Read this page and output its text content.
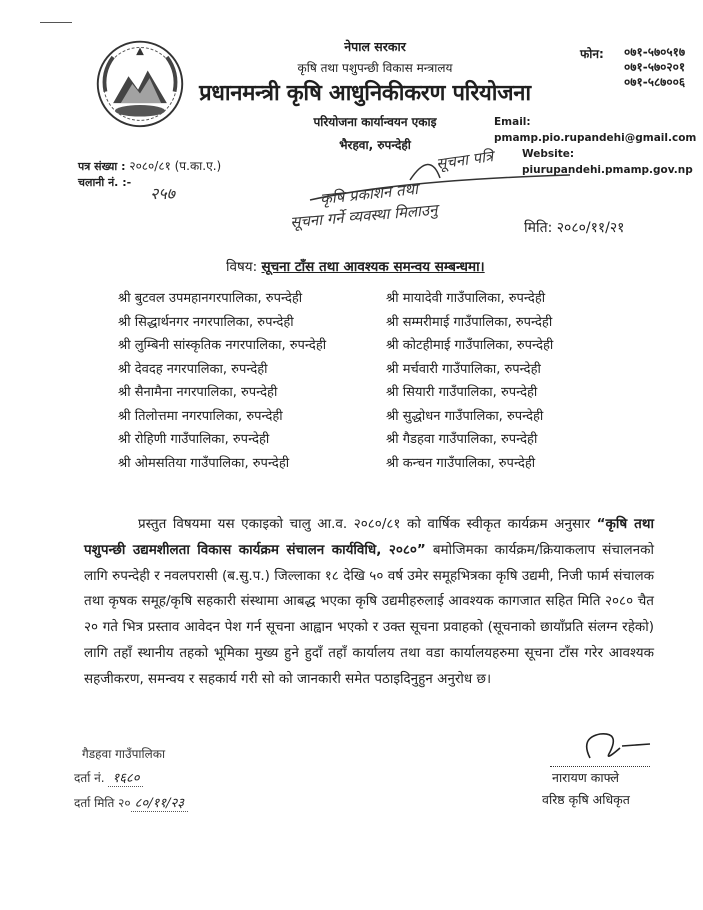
नेपाल सरकार
कृषि तथा पशुपन्छी विकास मन्त्रालय
प्रधानमन्त्री कृषि आधुनिकीकरण परियोजना
परियोजना कार्यान्वयन एकाइ
भैरहवा, रुपन्देही
फोन: ०७१-५७०५१७
०७१-५७०२०१
०७१-५८७००६
Email: pmamp.pio.rupandehi@gmail.com
Website: piurupandehi.pmamp.gov.np
पत्र संख्या : २०८०/८१ (प.का.ए.)
चलानी नं. :-
२५७
सूचना पत्रि
कृषि प्रकाशन तथा
सूचना गर्ने व्यवस्था मिलाउनु	मिति: २०८०/११/२१
विषय: सूचना टाँस तथा आवश्यक समन्वय सम्बन्धमा।
श्री बुटवल उपमहानगरपालिका, रुपन्देही
श्री सिद्धार्थनगर नगरपालिका, रुपन्देही
श्री लुम्बिनी सांस्कृतिक नगरपालिका, रुपन्देही
श्री देवदह नगरपालिका, रुपन्देही
श्री सैनामैना नगरपालिका, रुपन्देही
श्री तिलोत्तमा नगरपालिका, रुपन्देही
श्री रोहिणी गाउँपालिका, रुपन्देही
श्री ओमसतिया गाउँपालिका, रुपन्देही
श्री मायादेवी गाउँपालिका, रुपन्देही
श्री सम्मरीमाई गाउँपालिका, रुपन्देही
श्री कोटहीमाई गाउँपालिका, रुपन्देही
श्री मर्चवारी गाउँपालिका, रुपन्देही
श्री सियारी गाउँपालिका, रुपन्देही
श्री सुद्धोधन गाउँपालिका, रुपन्देही
श्री गैडहवा गाउँपालिका, रुपन्देही
श्री कन्चन गाउँपालिका, रुपन्देही
प्रस्तुत विषयमा यस एकाइको चालु आ.व. २०८०/८१ को वार्षिक स्वीकृत कार्यक्रम अनुसार “कृषि तथा पशुपन्छी उद्यमशीलता विकास कार्यक्रम संचालन कार्यविधि, २०८०” बमोजिमका कार्यक्रम/क्रियाकलाप संचालनको लागि रुपन्देही र नवलपरासी (ब.सु.प.) जिल्लाका १८ देखि ५० वर्ष उमेर समूहभित्रका कृषि उद्यमी, निजी फार्म संचालक तथा कृषक समूह/कृषि सहकारी संस्थामा आबद्ध भएका कृषि उद्यमीहरुलाई आवश्यक कागजात सहित मिति २०८० चैत २० गते भित्र प्रस्ताव आवेदन पेश गर्न सूचना आह्वान भएको र उक्त सूचना प्रवाहको (सूचनाको छायाँप्रति संलग्न रहेको) लागि तहाँ स्थानीय तहको भूमिका मुख्य हुने हुदाँ तहाँ कार्यालय तथा वडा कार्यालयहरुमा सूचना टाँस गरेर आवश्यक सहजीकरण, समन्वय र सहकार्य गरी सो को जानकारी समेत पठाइदिनुहुन अनुरोध छ।
गैडहवा गाउँपालिका
दर्ता नं. १६८०
दर्ता मिति २० ८०/११/२३
नारायण काफ्ले
वरिष्ठ कृषि अधिकृत
